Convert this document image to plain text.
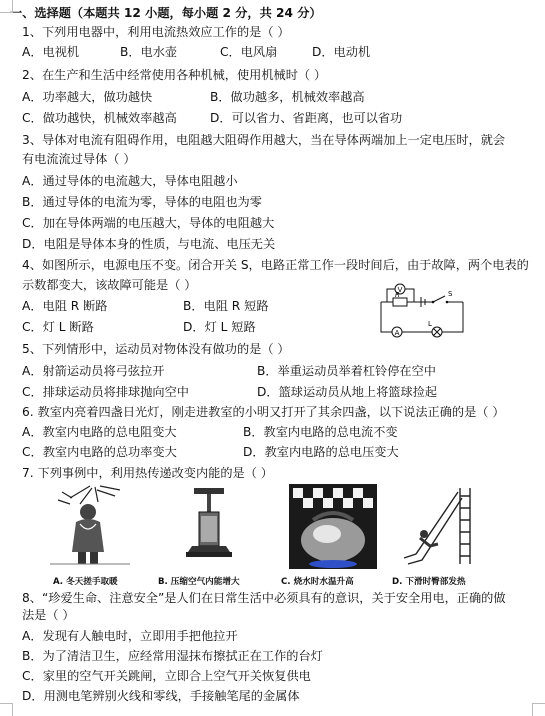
一、选择题（本题共 12 小题，每小题 2 分，共 24 分）
1、下列用电器中，利用电流热效应工作的是（ ）
A．电视机	B．电水壶	C．电风扇	D．电动机
2、在生产和生活中经常使用各种机械，使用机械时（ ）
A．功率越大，做功越快	B．做功越多，机械效率越高
C．做功越快，机械效率越高	D．可以省力、省距离，也可以省功
3、导体对电流有阻碍作用，电阻越大阻碍作用越大，当在导体两端加上一定电压时，就会
有电流流过导体（ ）
A．通过导体的电流越大，导体电阻越小
B．通过导体的电流为零，导体的电阻也为零
C．加在导体两端的电压越大，导体的电阻越大
D．电阻是导体本身的性质，与电流、电压无关
4、如图所示，电源电压不变。闭合开关 S，电路正常工作一段时间后，由于故障，两个电表的
示数都变大，该故障可能是（ ）
A．电阻 R 断路	B．电阻 R 短路
C．灯 L 断路	D．灯 L 短路
V
R	S
A
L
5、下列情形中，运动员对物体没有做功的是（ ）
A．射箭运动员将弓弦拉开	B．举重运动员举着杠铃停在空中
C．排球运动员将排球抛向空中	D．篮球运动员从地上将篮球捡起
6. 教室内亮着四盏日光灯，刚走进教室的小明又打开了其余四盏，以下说法正确的是（ ）
A．教室内电路的总电阻变大	B．教室内电路的总电流不变
C．教室内电路的总功率变大	D．教室内电路的总电压变大
7. 下列事例中，利用热传递改变内能的是（ ）
A. 冬天搓手取暖	B. 压缩空气内能增大	C. 烧水时水温升高	D. 下滑时臀部发热
8、“珍爱生命、注意安全”是人们在日常生活中必须具有的意识，关于安全用电，正确的做
法是（ ）
A．发现有人触电时，立即用手把他拉开
B．为了清洁卫生，应经常用湿抹布擦拭正在工作的台灯
C．家里的空气开关跳闸，立即合上空气开关恢复供电
D．用测电笔辨别火线和零线，手接触笔尾的金属体
